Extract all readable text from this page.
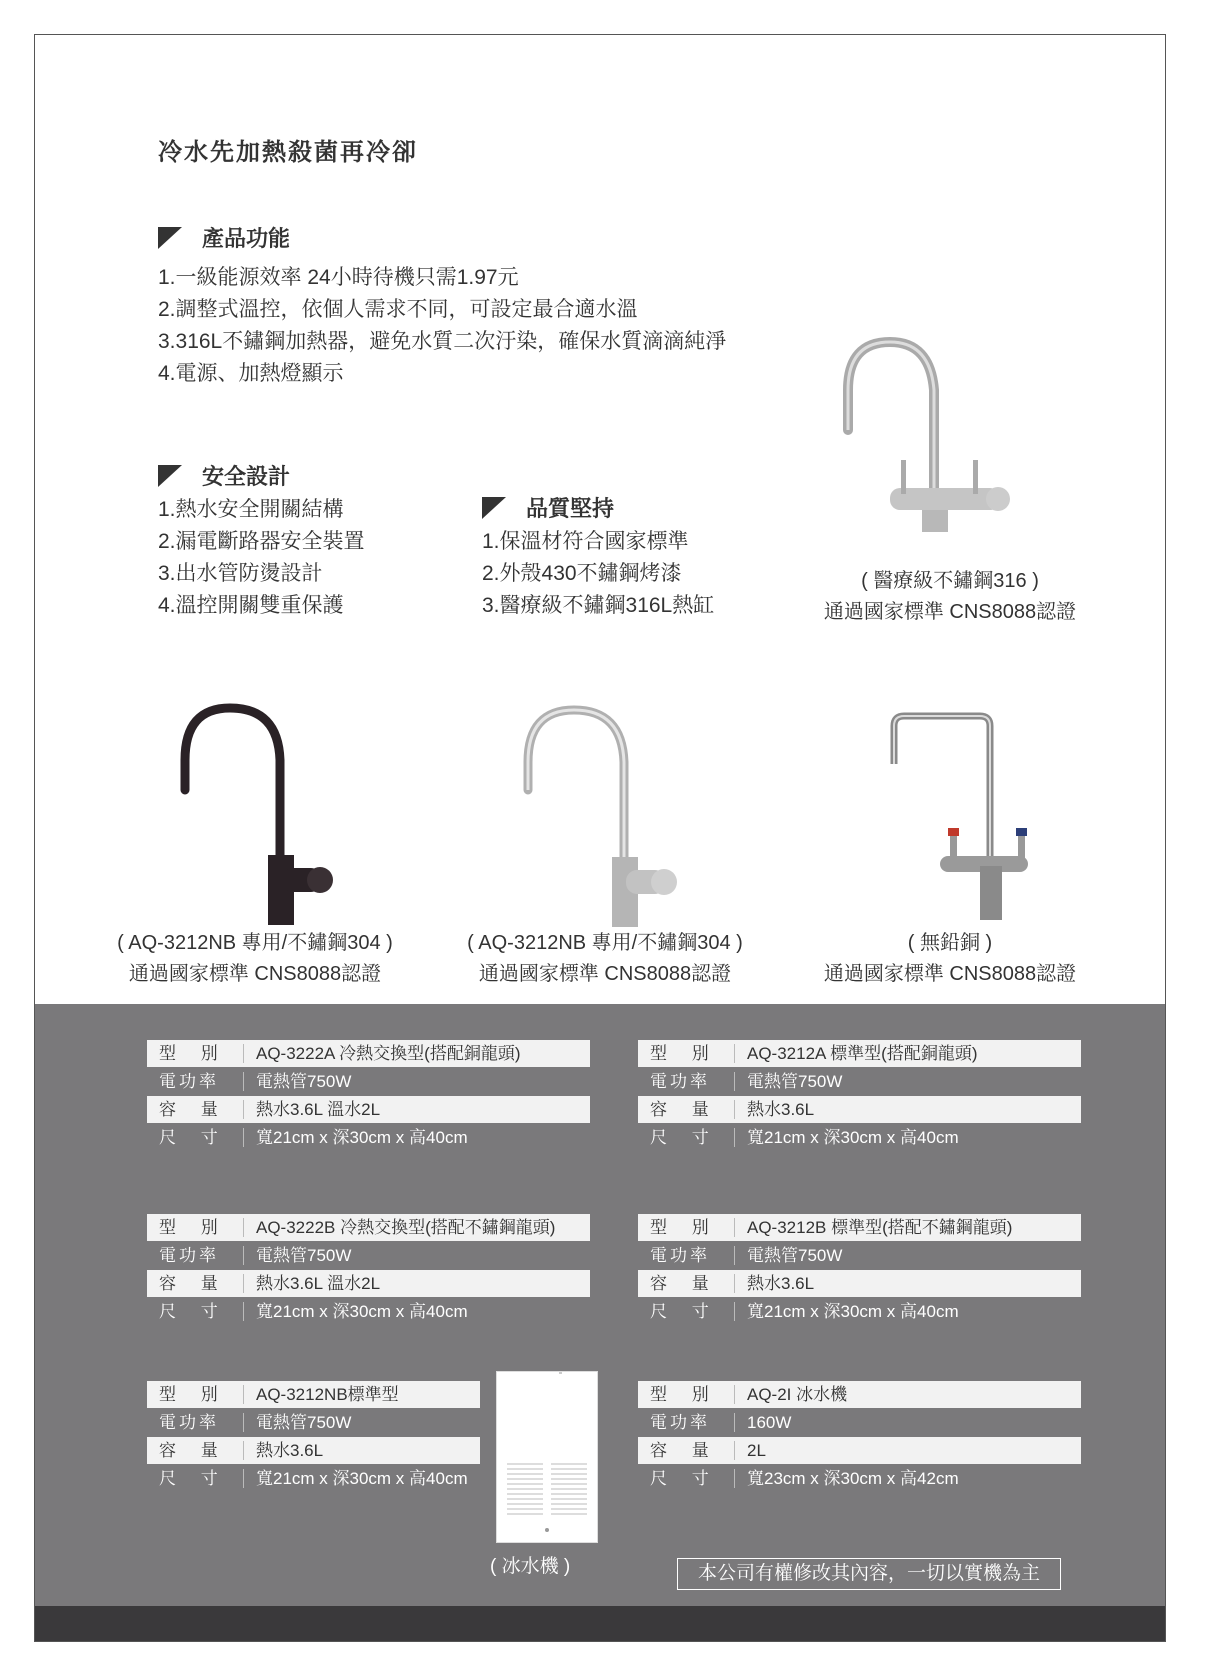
冷水先加熱殺菌再冷卻
產品功能
1.一級能源效率 24小時待機只需1.97元
2.調整式溫控，依個人需求不同，可設定最合適水溫
3.316L不鏽鋼加熱器，避免水質二次汙染，確保水質滴滴純淨
4.電源、加熱燈顯示
安全設計
1.熱水安全開關結構
2.漏電斷路器安全裝置
3.出水管防燙設計
4.溫控開關雙重保護
品質堅持
1.保溫材符合國家標準
2.外殼430不鏽鋼烤漆
3.醫療級不鏽鋼316L熱缸
( 醫療級不鏽鋼316 )
通過國家標準 CNS8088認證
( AQ-3212NB 專用/不鏽鋼304 )
通過國家標準 CNS8088認證
( AQ-3212NB 專用/不鏽鋼304 )
通過國家標準 CNS8088認證
( 無鉛銅 )
通過國家標準 CNS8088認證
型 別	AQ-3222A 冷熱交換型(搭配銅龍頭)
電功率	電熱管750W
容 量	熱水3.6L 溫水2L
尺 寸	寬21cm x 深30cm x 高40cm
型 別	AQ-3212A 標準型(搭配銅龍頭)
電功率	電熱管750W
容 量	熱水3.6L
尺 寸	寬21cm x 深30cm x 高40cm
型 別	AQ-3222B 冷熱交換型(搭配不鏽鋼龍頭)
電功率	電熱管750W
容 量	熱水3.6L 溫水2L
尺 寸	寬21cm x 深30cm x 高40cm
型 別	AQ-3212B 標準型(搭配不鏽鋼龍頭)
電功率	電熱管750W
容 量	熱水3.6L
尺 寸	寬21cm x 深30cm x 高40cm
型 別	AQ-3212NB標準型
電功率	電熱管750W
容 量	熱水3.6L
尺 寸	寬21cm x 深30cm x 高40cm
型 別	AQ-2I 冰水機
電功率	160W
容 量	2L
尺 寸	寬23cm x 深30cm x 高42cm
( 冰水機 )	本公司有權修改其內容，一切以實機為主
